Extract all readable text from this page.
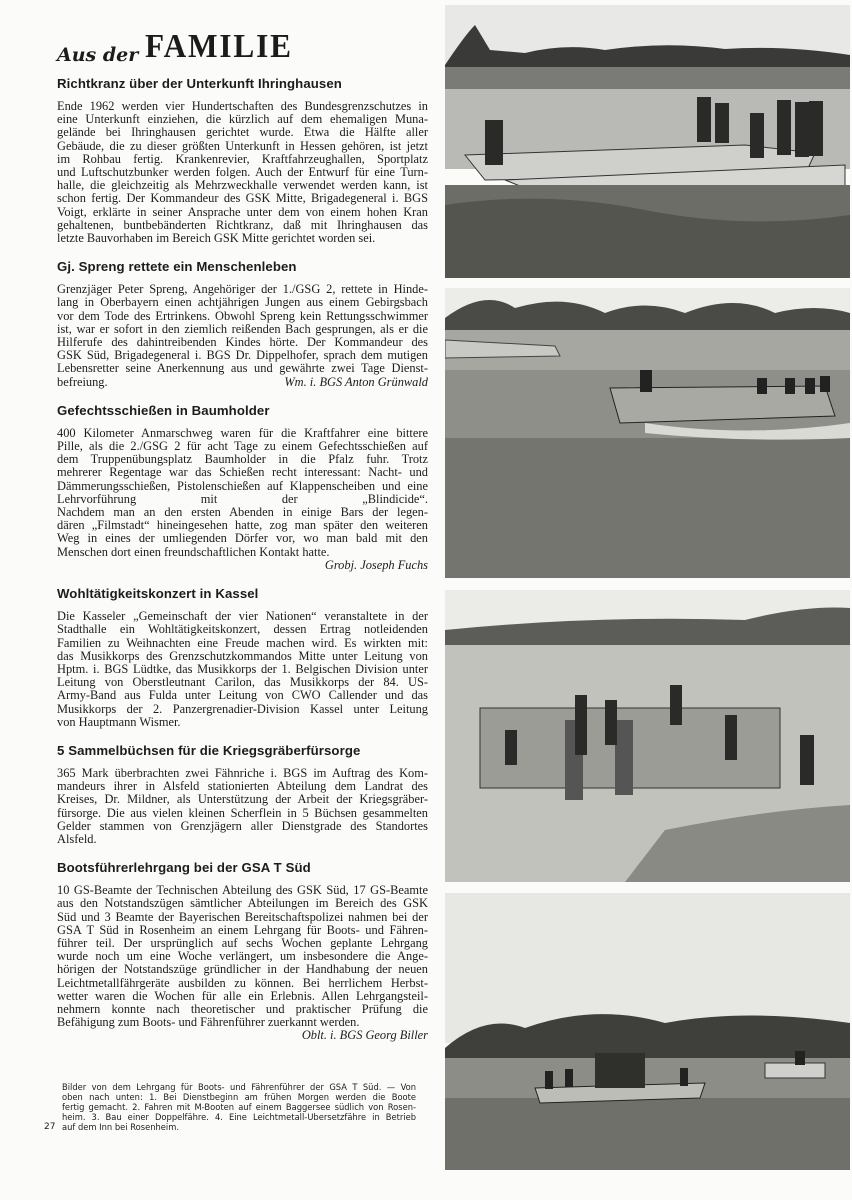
Aus der FAMILIE
Richtkranz über der Unterkunft Ihringhausen
Ende 1962 werden vier Hundertschaften des Bundesgrenzschutzes in
eine Unterkunft einziehen, die kürzlich auf dem ehemaligen Muna-
gelände bei Ihringhausen gerichtet wurde. Etwa die Hälfte aller
Gebäude, die zu dieser größten Unterkunft in Hessen gehören, ist jetzt
im Rohbau fertig. Krankenrevier, Kraftfahrzeughallen, Sportplatz
und Luftschutzbunker werden folgen. Auch der Entwurf für eine Turn-
halle, die gleichzeitig als Mehrzweckhalle verwendet werden kann, ist
schon fertig. Der Kommandeur des GSK Mitte, Brigadegeneral i. BGS
Voigt, erklärte in seiner Ansprache unter dem von einem hohen Kran
gehaltenen, buntbebänderten Richtkranz, daß mit Ihringhausen das
letzte Bauvorhaben im Bereich GSK Mitte gerichtet worden sei.
Gj. Spreng rettete ein Menschenleben
Grenzjäger Peter Spreng, Angehöriger der 1./GSG 2, rettete in Hinde-
lang in Oberbayern einen achtjährigen Jungen aus einem Gebirgsbach
vor dem Tode des Ertrinkens. Obwohl Spreng kein Rettungsschwimmer
ist, war er sofort in den ziemlich reißenden Bach gesprungen, als er die
Hilferufe des dahintreibenden Kindes hörte. Der Kommandeur des
GSK Süd, Brigadegeneral i. BGS Dr. Dippelhofer, sprach dem mutigen
Lebensretter seine Anerkennung aus und gewährte zwei Tage Dienst-
befreiung.	Wm. i. BGS Anton Grünwald
Gefechtsschießen in Baumholder
400 Kilometer Anmarschweg waren für die Kraftfahrer eine bittere
Pille, als die 2./GSG 2 für acht Tage zu einem Gefechtsschießen auf
dem Truppenübungsplatz Baumholder in die Pfalz fuhr. Trotz
mehrerer Regentage war das Schießen recht interessant: Nacht- und
Dämmerungsschießen, Pistolenschießen auf Klappenscheiben und eine
Lehrvorführung mit der „Blindicide“.
Nachdem man an den ersten Abenden in einige Bars der legen-
dären „Filmstadt“ hineingesehen hatte, zog man später den weiteren
Weg in eines der umliegenden Dörfer vor, wo man bald mit den
Menschen dort einen freundschaftlichen Kontakt hatte.
Grobj. Joseph Fuchs
Wohltätigkeitskonzert in Kassel
Die Kasseler „Gemeinschaft der vier Nationen“ veranstaltete in der
Stadthalle ein Wohltätigkeitskonzert, dessen Ertrag notleidenden
Familien zu Weihnachten eine Freude machen wird. Es wirkten mit:
das Musikkorps des Grenzschutzkommandos Mitte unter Leitung von
Hptm. i. BGS Lüdtke, das Musikkorps der 1. Belgischen Division unter
Leitung von Oberstleutnant Carilon, das Musikkorps der 84. US-
Army-Band aus Fulda unter Leitung von CWO Callender und das
Musikkorps der 2. Panzergrenadier-Division Kassel unter Leitung
von Hauptmann Wismer.
5 Sammelbüchsen für die Kriegsgräberfürsorge
365 Mark überbrachten zwei Fähnriche i. BGS im Auftrag des Kom-
mandeurs ihrer in Alsfeld stationierten Abteilung dem Landrat des
Kreises, Dr. Mildner, als Unterstützung der Arbeit der Kriegsgräber-
fürsorge. Die aus vielen kleinen Scherflein in 5 Büchsen gesammelten
Gelder stammen von Grenzjägern aller Dienstgrade des Standortes
Alsfeld.
Bootsführerlehrgang bei der GSA T Süd
10 GS-Beamte der Technischen Abteilung des GSK Süd, 17 GS-Beamte
aus den Notstandszügen sämtlicher Abteilungen im Bereich des GSK
Süd und 3 Beamte der Bayerischen Bereitschaftspolizei nahmen bei der
GSA T Süd in Rosenheim an einem Lehrgang für Boots- und Fähren-
führer teil. Der ursprünglich auf sechs Wochen geplante Lehrgang
wurde noch um eine Woche verlängert, um insbesondere die Ange-
hörigen der Notstandszüge gründlicher in der Handhabung der neuen
Leichtmetallfährgeräte ausbilden zu können. Bei herrlichem Herbst-
wetter waren die Wochen für alle ein Erlebnis. Allen Lehrgangsteil-
nehmern konnte nach theoretischer und praktischer Prüfung die
Befähigung zum Boots- und Fährenführer zuerkannt werden.
Oblt. i. BGS Georg Biller
Bilder von dem Lehrgang für Boots- und Fährenführer der GSA T Süd. — Von
oben nach unten: 1. Bei Dienstbeginn am frühen Morgen werden die Boote
fertig gemacht. 2. Fahren mit M-Booten auf einem Baggersee südlich von Rosen-
heim. 3. Bau einer Doppelfähre. 4. Eine Leichtmetall-Übersetzfähre in Betrieb
auf dem Inn bei Rosenheim.
27
